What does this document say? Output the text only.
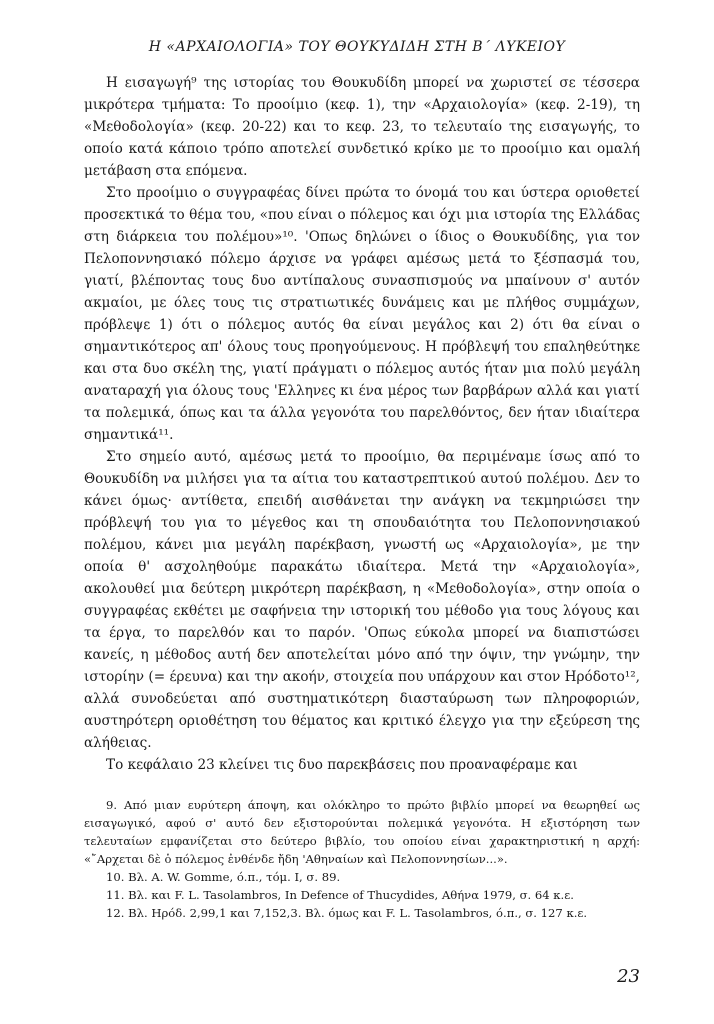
Η «ΑΡΧΑΙΟΛΟΓΙΑ» ΤΟΥ ΘΟΥΚΥΔΙΔΗ ΣΤΗ Β΄ ΛΥΚΕΙΟΥ

Η εισαγωγή⁹ της ιστορίας του Θουκυδίδη μπορεί να χωριστεί σε τέσσερα μικρότερα τμήματα: Το προοίμιο (κεφ. 1), την «Αρχαιολογία» (κεφ. 2-19), τη «Μεθοδολογία» (κεφ. 20-22) και το κεφ. 23, το τελευταίο της εισαγωγής, το οποίο κατά κάποιο τρόπο αποτελεί συνδετικό κρίκο με το προοίμιο και ομαλή μετάβαση στα επόμενα.

Στο προοίμιο ο συγγραφέας δίνει πρώτα το όνομά του και ύστερα οριοθετεί προσεκτικά το θέμα του, «που είναι ο πόλεμος και όχι μια ιστορία της Ελλάδας στη διάρκεια του πολέμου»¹⁰. 'Οπως δηλώνει ο ίδιος ο Θουκυδίδης, για τον Πελοποννησιακό πόλεμο άρχισε να γράφει αμέσως μετά το ξέσπασμά του, γιατί, βλέποντας τους δυο αντίπαλους συνασπισμούς να μπαίνουν σ' αυτόν ακμαίοι, με όλες τους τις στρατιωτικές δυνάμεις και με πλήθος συμμάχων, πρόβλεψε 1) ότι ο πόλεμος αυτός θα είναι μεγάλος και 2) ότι θα είναι ο σημαντικότερος απ' όλους τους προηγούμενους. Η πρόβλεψή του επαληθεύτηκε και στα δυο σκέλη της, γιατί πράγματι ο πόλεμος αυτός ήταν μια πολύ μεγάλη αναταραχή για όλους τους 'Ελληνες κι ένα μέρος των βαρβάρων αλλά και γιατί τα πολεμικά, όπως και τα άλλα γεγονότα του παρελθόντος, δεν ήταν ιδιαίτερα σημαντικά¹¹.

Στο σημείο αυτό, αμέσως μετά το προοίμιο, θα περιμέναμε ίσως από το Θουκυδίδη να μιλήσει για τα αίτια του καταστρεπτικού αυτού πολέμου. Δεν το κάνει όμως· αντίθετα, επειδή αισθάνεται την ανάγκη να τεκμηριώσει την πρόβλεψή του για το μέγεθος και τη σπουδαιότητα του Πελοποννησιακού πολέμου, κάνει μια μεγάλη παρέκβαση, γνωστή ως «Αρχαιολογία», με την οποία θ' ασχοληθούμε παρακάτω ιδιαίτερα. Μετά την «Αρχαιολογία», ακολουθεί μια δεύτερη μικρότερη παρέκβαση, η «Μεθοδολογία», στην οποία ο συγγραφέας εκθέτει με σαφήνεια την ιστορική του μέθοδο για τους λόγους και τα έργα, το παρελθόν και το παρόν. 'Οπως εύκολα μπορεί να διαπιστώσει κανείς, η μέθοδος αυτή δεν αποτελείται μόνο από την όψιν, την γνώμην, την ιστορίην (= έρευνα) και την ακοήν, στοιχεία που υπάρχουν και στον Ηρόδοτο¹², αλλά συνοδεύεται από συστηματικότερη διασταύρωση των πληροφοριών, αυστηρότερη οριοθέτηση του θέματος και κριτικό έλεγχο για την εξεύρεση της αλήθειας.

Το κεφάλαιο 23 κλείνει τις δυο παρεκβάσεις που προαναφέραμε και

9. Από μιαν ευρύτερη άποψη, και ολόκληρο το πρώτο βιβλίο μπορεί να θεωρηθεί ως εισαγωγικό, αφού σ' αυτό δεν εξιστορούνται πολεμικά γεγονότα. Η εξιστόρηση των τελευταίων εμφανίζεται στο δεύτερο βιβλίο, του οποίου είναι χαρακτηριστική η αρχή: «῎Αρχεται δὲ ὁ πόλεμος ἐνθένδε ἤδη 'Αθηναίων καὶ Πελοποννησίων...».

10. Βλ. A. W. Gomme, ό.π., τόμ. I, σ. 89.

11. Βλ. και F. L. Tasolambros, In Defence of Thucydides, Αθήνα 1979, σ. 64 κ.ε.

12. Βλ. Ηρόδ. 2,99,1 και 7,152,3. Βλ. όμως και F. L. Tasolambros, ό.π., σ. 127 κ.ε.

23
